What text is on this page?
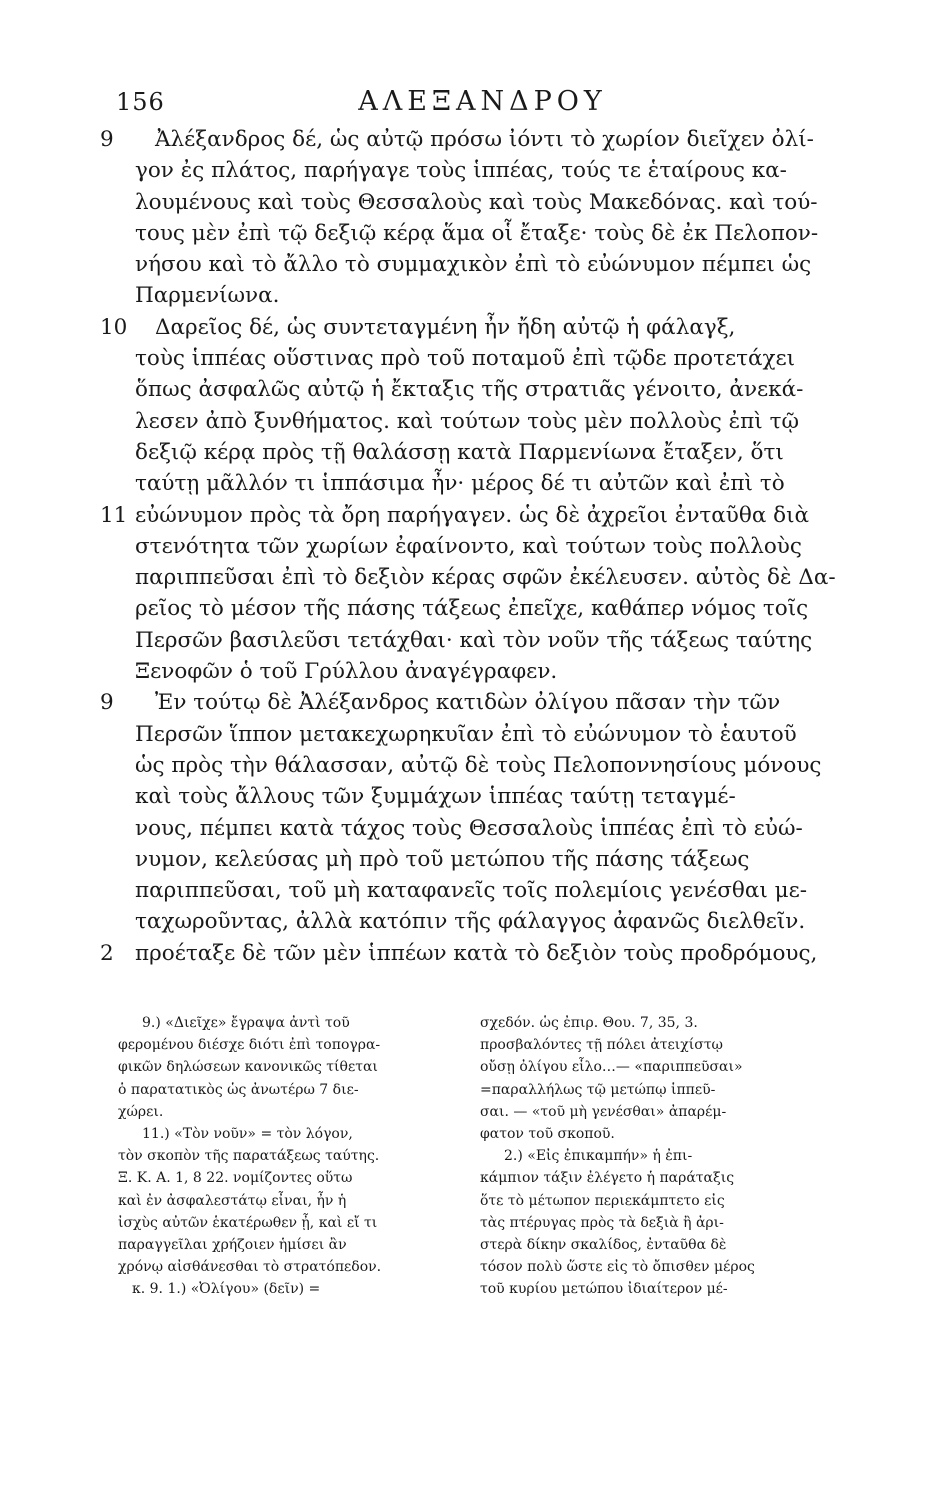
156	ΑΛΕΞΑΝΔΡΟΥ
9 Ἀλέξανδρος δέ, ὡς αὐτῷ πρόσω ἰόντι τὸ χωρίον διεῖχεν ὀλί-
γον ἐς πλάτος, παρήγαγε τοὺς ἱππέας, τούς τε ἑταίρους κα-
λουμένους καὶ τοὺς Θεσσαλοὺς καὶ τοὺς Μακεδόνας. καὶ τού-
τους μὲν ἐπὶ τῷ δεξιῷ κέρᾳ ἅμα οἷ ἔταξε· τοὺς δὲ ἐκ Πελοπον-
νήσου καὶ τὸ ἄλλο τὸ συμμαχικὸν ἐπὶ τὸ εὐώνυμον πέμπει ὡς
Παρμενίωνα.
10 Δαρεῖος δέ, ὡς συντεταγμένη ἦν ἤδη αὐτῷ ἡ φάλαγξ,
τοὺς ἱππέας οὕστινας πρὸ τοῦ ποταμοῦ ἐπὶ τῷδε προτετάχει
ὅπως ἀσφαλῶς αὐτῷ ἡ ἔκταξις τῆς στρατιᾶς γένοιτο, ἀνεκά-
λεσεν ἀπὸ ξυνθήματος. καὶ τούτων τοὺς μὲν πολλοὺς ἐπὶ τῷ
δεξιῷ κέρᾳ πρὸς τῇ θαλάσσῃ κατὰ Παρμενίωνα ἔταξεν, ὅτι
ταύτῃ μᾶλλόν τι ἱππάσιμα ἦν· μέρος δέ τι αὐτῶν καὶ ἐπὶ τὸ
11 εὐώνυμον πρὸς τὰ ὄρη παρήγαγεν. ὡς δὲ ἀχρεῖοι ἐνταῦθα διὰ
στενότητα τῶν χωρίων ἐφαίνοντο, καὶ τούτων τοὺς πολλοὺς
παριππεῦσαι ἐπὶ τὸ δεξιὸν κέρας σφῶν ἐκέλευσεν. αὐτὸς δὲ Δα-
ρεῖος τὸ μέσον τῆς πάσης τάξεως ἐπεῖχε, καθάπερ νόμος τοῖς
Περσῶν βασιλεῦσι τετάχθαι· καὶ τὸν νοῦν τῆς τάξεως ταύτης
Ξενοφῶν ὁ τοῦ Γρύλλου ἀναγέγραφεν.
9 Ἐν τούτῳ δὲ Ἀλέξανδρος κατιδὼν ὀλίγου πᾶσαν τὴν τῶν
Περσῶν ἵππον μετακεχωρηκυῖαν ἐπὶ τὸ εὐώνυμον τὸ ἑαυτοῦ
ὡς πρὸς τὴν θάλασσαν, αὐτῷ δὲ τοὺς Πελοποννησίους μόνους
καὶ τοὺς ἄλλους τῶν ξυμμάχων ἱππέας ταύτῃ τεταγμέ-
νους, πέμπει κατὰ τάχος τοὺς Θεσσαλοὺς ἱππέας ἐπὶ τὸ εὐώ-
νυμον, κελεύσας μὴ πρὸ τοῦ μετώπου τῆς πάσης τάξεως
παριππεῦσαι, τοῦ μὴ καταφανεῖς τοῖς πολεμίοις γενέσθαι με-
ταχωροῦντας, ἀλλὰ κατόπιν τῆς φάλαγγος ἀφανῶς διελθεῖν.
2 προέταξε δὲ τῶν μὲν ἱππέων κατὰ τὸ δεξιὸν τοὺς προδρόμους,
9.) «Διεῖχε» ἔγραψα ἀντὶ τοῦ
φερομένου διέσχε διότι ἐπὶ τοπογρα-
φικῶν δηλώσεων κανονικῶς τίθεται
ὁ παρατατικὸς ὡς ἀνωτέρω 7 διε-
χώρει.
11.) «Τὸν νοῦν» = τὸν λόγον,
τὸν σκοπὸν τῆς παρατάξεως ταύτης.
Ξ. Κ. Α. 1, 8 22. νομίζοντες οὕτω
καὶ ἐν ἀσφαλεστάτῳ εἶναι, ἦν ἡ
ἰσχὺς αὐτῶν ἑκατέρωθεν ᾖ, καὶ εἴ τι
παραγγεῖλαι χρήζοιεν ἡμίσει ἂν
χρόνῳ αἰσθάνεσθαι τὸ στρατόπεδον.
κ. 9. 1.) «Ὀλίγου» (δεῖν) =
σχεδόν. ὡς ἐπιρ. Θου. 7, 35, 3.
προσβαλόντες τῇ πόλει ἀτειχίστῳ
οὔσῃ ὀλίγου εἷλο…— «παριππεῦσαι»
=παραλλήλως τῷ μετώπῳ ἱππεῦ-
σαι. — «τοῦ μὴ γενέσθαι» ἀπαρέμ-
φατον τοῦ σκοποῦ.
2.) «Εἰς ἐπικαμπήν» ἡ ἐπι-
κάμπιον τάξιν ἐλέγετο ἡ παράταξις
ὅτε τὸ μέτωπον περιεκάμπτετο εἰς
τὰς πτέρυγας πρὸς τὰ δεξιὰ ἢ ἀρι-
στερὰ δίκην σκαλίδος, ἐνταῦθα δὲ
τόσον πολὺ ὥστε εἰς τὸ ὄπισθεν μέρος
τοῦ κυρίου μετώπου ἰδιαίτερον μέ-
